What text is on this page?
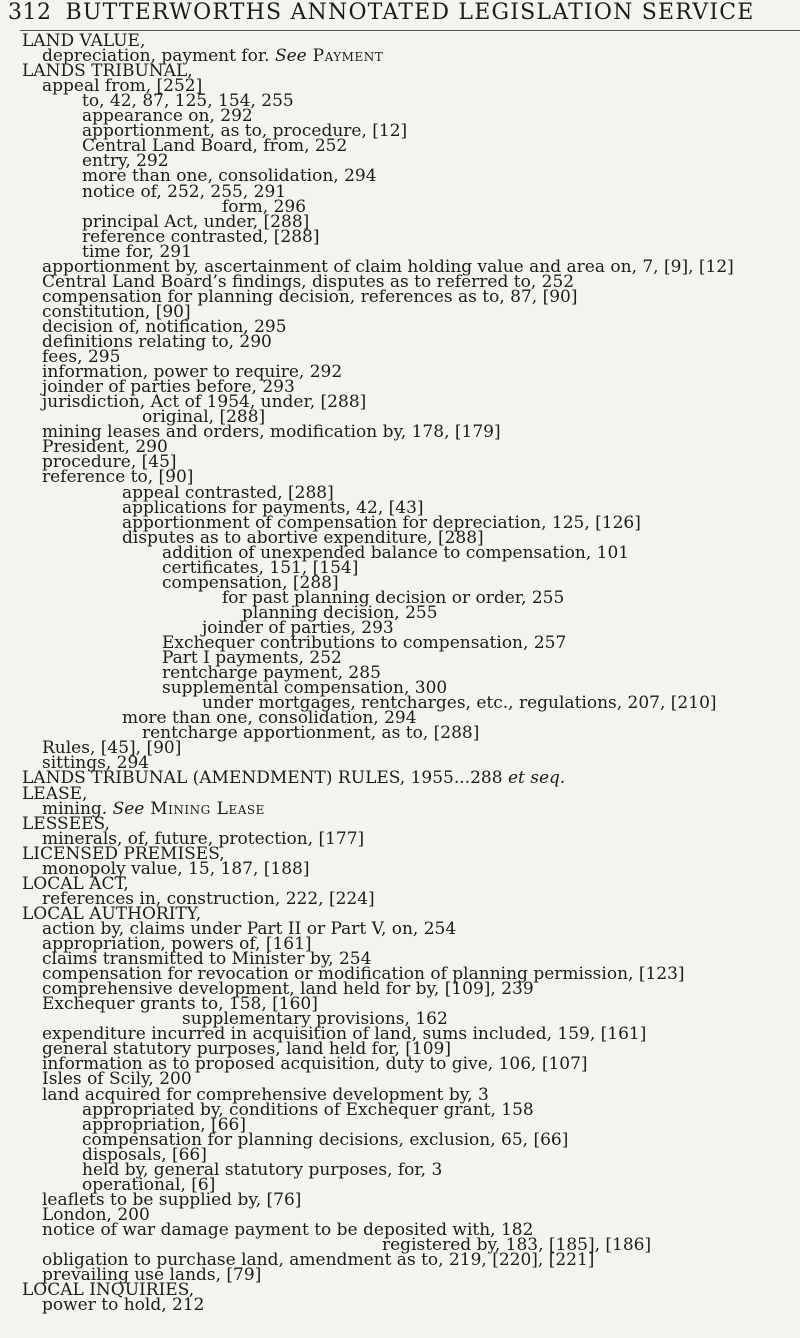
312 BUTTERWORTHS ANNOTATED LEGISLATION SERVICE
LAND VALUE,
depreciation, payment for. See Payment
LANDS TRIBUNAL,
appeal from, [252]
to, 42, 87, 125, 154, 255
appearance on, 292
apportionment, as to, procedure, [12]
Central Land Board, from, 252
entry, 292
more than one, consolidation, 294
notice of, 252, 255, 291
form, 296
principal Act, under, [288]
reference contrasted, [288]
time for, 291
apportionment by, ascertainment of claim holding value and area on, 7, [9], [12]
Central Land Board’s findings, disputes as to referred to, 252
compensation for planning decision, references as to, 87, [90]
constitution, [90]
decision of, notification, 295
definitions relating to, 290
fees, 295
information, power to require, 292
joinder of parties before, 293
jurisdiction, Act of 1954, under, [288]
original, [288]
mining leases and orders, modification by, 178, [179]
President, 290
procedure, [45]
reference to, [90]
appeal contrasted, [288]
applications for payments, 42, [43]
apportionment of compensation for depreciation, 125, [126]
disputes as to abortive expenditure, [288]
addition of unexpended balance to compensation, 101
certificates, 151, [154]
compensation, [288]
for past planning decision or order, 255
planning decision, 255
joinder of parties, 293
Exchequer contributions to compensation, 257
Part I payments, 252
rentcharge payment, 285
supplemental compensation, 300
under mortgages, rentcharges, etc., regulations, 207, [210]
more than one, consolidation, 294
rentcharge apportionment, as to, [288]
Rules, [45], [90]
sittings, 294
LANDS TRIBUNAL (AMENDMENT) RULES, 1955...288 et seq.
LEASE,
mining. See Mining Lease
LESSEES,
minerals, of, future, protection, [177]
LICENSED PREMISES,
monopoly value, 15, 187, [188]
LOCAL ACT,
references in, construction, 222, [224]
LOCAL AUTHORITY,
action by, claims under Part II or Part V, on, 254
appropriation, powers of, [161]
claims transmitted to Minister by, 254
compensation for revocation or modification of planning permission, [123]
comprehensive development, land held for by, [109], 239
Exchequer grants to, 158, [160]
supplementary provisions, 162
expenditure incurred in acquisition of land, sums included, 159, [161]
general statutory purposes, land held for, [109]
information as to proposed acquisition, duty to give, 106, [107]
Isles of Scily, 200
land acquired for comprehensive development by, 3
appropriated by, conditions of Exchequer grant, 158
appropriation, [66]
compensation for planning decisions, exclusion, 65, [66]
disposals, [66]
held by, general statutory purposes, for, 3
operational, [6]
leaflets to be supplied by, [76]
London, 200
notice of war damage payment to be deposited with, 182
registered by, 183, [185], [186]
obligation to purchase land, amendment as to, 219, [220], [221]
prevailing use lands, [79]
LOCAL INQUIRIES,
power to hold, 212
